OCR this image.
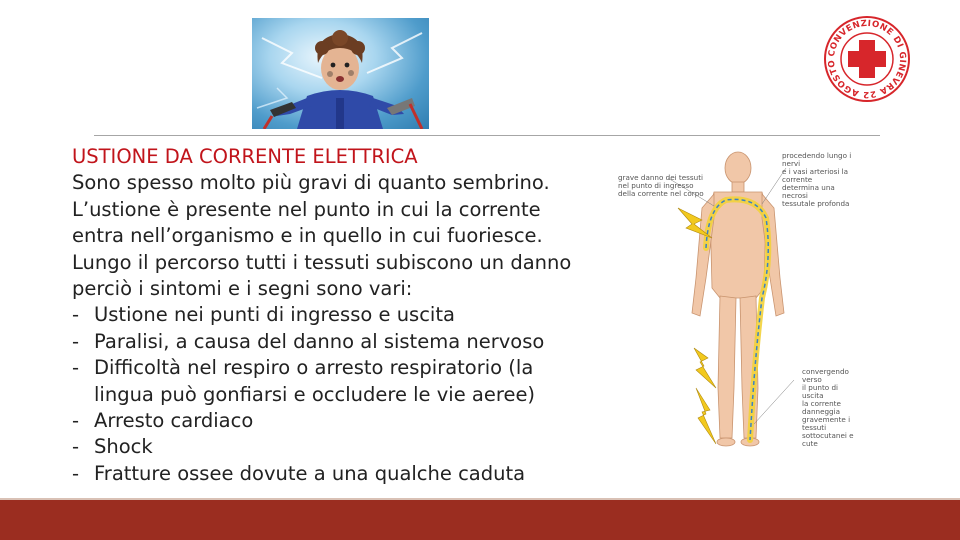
CONVENZIONE DI GINEVRA 22 AGOSTO
USTIONE DA CORRENTE ELETTRICA
Sono spesso molto più gravi di quanto sembrino.
L’ustione è presente nel punto in cui la corrente
entra nell’organismo e in quello in cui fuoriesce.
Lungo il percorso tutti i tessuti subiscono un danno
perciò i sintomi e i segni sono vari:
- Ustione nei punti di ingresso e uscita
- Paralisi, a causa del danno al sistema nervoso
- Difficoltà nel respiro o arresto respiratorio (la
lingua può gonfiarsi e occludere le vie aeree)
- Arresto cardiaco
- Shock
- Fratture ossee dovute a una qualche caduta
grave danno dei tessuti
nel punto di ingresso
della corrente nel corpo
procedendo lungo i nervi
e i vasi arteriosi la corrente
determina una necrosi
tessutale profonda
convergendo verso
il punto di uscita
la corrente danneggia
gravemente i tessuti
sottocutanei e cute
